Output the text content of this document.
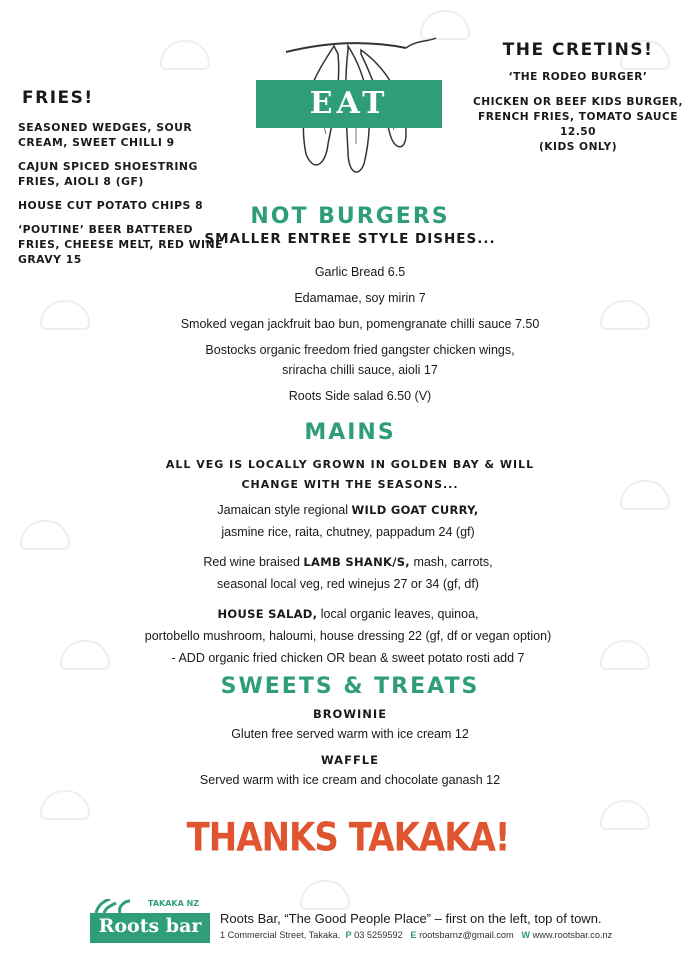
FRIES!

SEASONED WEDGES, SOUR CREAM, SWEET CHILLI 9

CAJUN SPICED SHOESTRING FRIES, AIOLI 8 (GF)

HOUSE CUT POTATO CHIPS 8

‘POUTINE’ BEER BATTERED FRIES, CHEESE MELT, RED WINE GRAVY 15

EAT
THE CRETINS!

‘THE RODEO BURGER’

CHICKEN OR BEEF KIDS BURGER, FRENCH FRIES, TOMATO SAUCE 12.50

(KIDS ONLY)

NOT BURGERS
SMALLER ENTREE STYLE DISHES...

Garlic Bread 6.5

Edamamae, soy mirin 7

Smoked vegan jackfruit bao bun, pomengranate chilli sauce 7.50

Bostocks organic freedom fried gangster chicken wings,

sriracha chilli sauce, aioli 17

Roots Side salad 6.50 (V)

MAINS
ALL VEG IS LOCALLY GROWN IN GOLDEN BAY & WILL
CHANGE WITH THE SEASONS...

Jamaican style regional WILD GOAT CURRY,

jasmine rice, raita, chutney, pappadum 24 (gf)

Red wine braised LAMB SHANK/S, mash, carrots,

seasonal local veg, red winejus 27 or 34 (gf, df)

HOUSE SALAD, local organic leaves, quinoa,

portobello mushroom, haloumi, house dressing 22 (gf, df or vegan option)

- ADD organic fried chicken OR bean & sweet potato rosti add 7

SWEETS & TREATS
BROWINIE
Gluten free served warm with ice cream 12
WAFFLE
Served warm with ice cream and chocolate ganash 12
THANKS TAKAKA!
TAKAKA NZ
Roots bar	Roots Bar, “The Good People Place” – first on the left, top of town.
1 Commercial Street, Takaka. P 03 5259592 E rootsbarnz@gmail.com W www.rootsbar.co.nz
